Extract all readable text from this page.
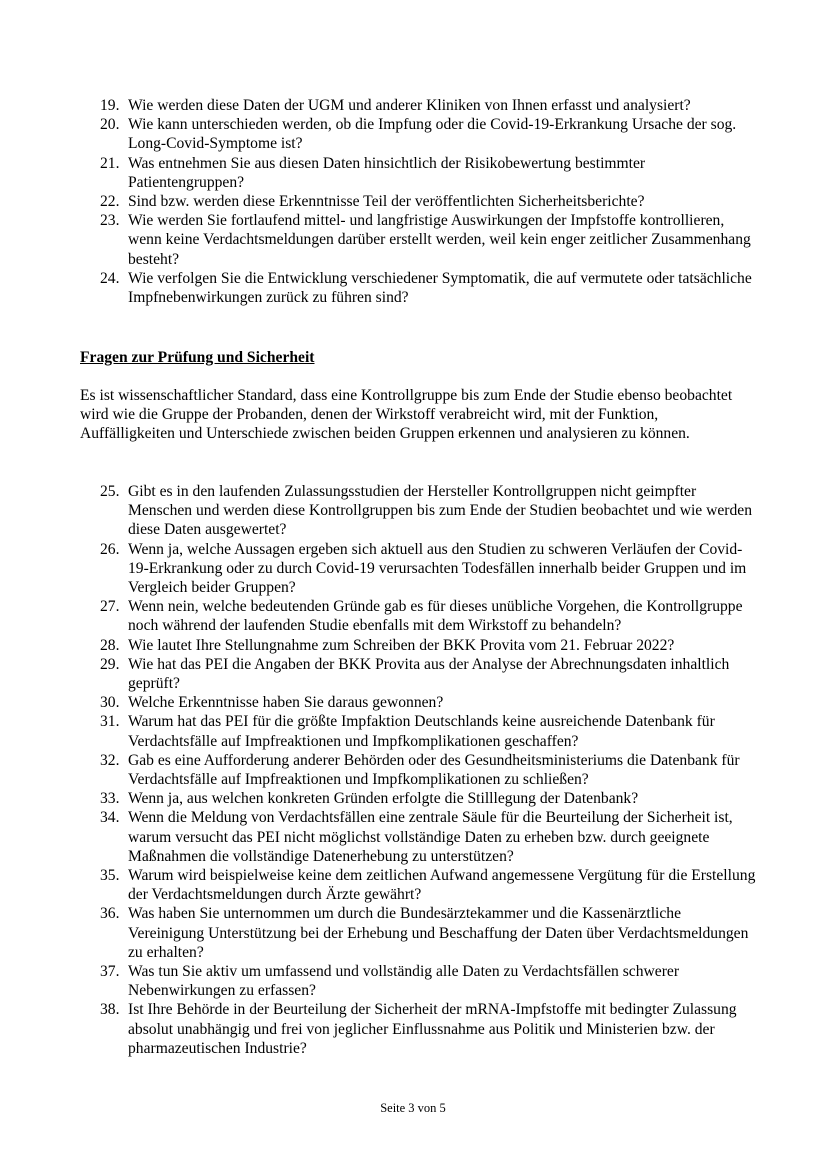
19. Wie werden diese Daten der UGM und anderer Kliniken von Ihnen erfasst und analysiert?
20. Wie kann unterschieden werden, ob die Impfung oder die Covid-19-Erkrankung Ursache der sog. Long-Covid-Symptome ist?
21. Was entnehmen Sie aus diesen Daten hinsichtlich der Risikobewertung bestimmter Patientengruppen?
22. Sind bzw. werden diese Erkenntnisse Teil der veröffentlichten Sicherheitsberichte?
23. Wie werden Sie fortlaufend mittel- und langfristige Auswirkungen der Impfstoffe kontrollieren, wenn keine Verdachtsmeldungen darüber erstellt werden, weil kein enger zeitlicher Zusammenhang besteht?
24. Wie verfolgen Sie die Entwicklung verschiedener Symptomatik, die auf vermutete oder tatsächliche Impfnebenwirkungen zurück zu führen sind?
Fragen zur Prüfung und Sicherheit

Es ist wissenschaftlicher Standard, dass eine Kontrollgruppe bis zum Ende der Studie ebenso beobachtet wird wie die Gruppe der Probanden, denen der Wirkstoff verabreicht wird, mit der Funktion, Auffälligkeiten und Unterschiede zwischen beiden Gruppen erkennen und analysieren zu können.

25. Gibt es in den laufenden Zulassungsstudien der Hersteller Kontrollgruppen nicht geimpfter Menschen und werden diese Kontrollgruppen bis zum Ende der Studien beobachtet und wie werden diese Daten ausgewertet?
26. Wenn ja, welche Aussagen ergeben sich aktuell aus den Studien zu schweren Verläufen der Covid-19-Erkrankung oder zu durch Covid-19 verursachten Todesfällen innerhalb beider Gruppen und im Vergleich beider Gruppen?
27. Wenn nein, welche bedeutenden Gründe gab es für dieses unübliche Vorgehen, die Kontrollgruppe noch während der laufenden Studie ebenfalls mit dem Wirkstoff zu behandeln?
28. Wie lautet Ihre Stellungnahme zum Schreiben der BKK Provita vom 21. Februar 2022?
29. Wie hat das PEI die Angaben der BKK Provita aus der Analyse der Abrechnungsdaten inhaltlich geprüft?
30. Welche Erkenntnisse haben Sie daraus gewonnen?
31. Warum hat das PEI für die größte Impfaktion Deutschlands keine ausreichende Datenbank für Verdachtsfälle auf Impfreaktionen und Impfkomplikationen geschaffen?
32. Gab es eine Aufforderung anderer Behörden oder des Gesundheitsministeriums die Datenbank für Verdachtsfälle auf Impfreaktionen und Impfkomplikationen zu schließen?
33. Wenn ja, aus welchen konkreten Gründen erfolgte die Stilllegung der Datenbank?
34. Wenn die Meldung von Verdachtsfällen eine zentrale Säule für die Beurteilung der Sicherheit ist, warum versucht das PEI nicht möglichst vollständige Daten zu erheben bzw. durch geeignete Maßnahmen die vollständige Datenerhebung zu unterstützen?
35. Warum wird beispielweise keine dem zeitlichen Aufwand angemessene Vergütung für die Erstellung der Verdachtsmeldungen durch Ärzte gewährt?
36. Was haben Sie unternommen um durch die Bundesärztekammer und die Kassenärztliche Vereinigung Unterstützung bei der Erhebung und Beschaffung der Daten über Verdachtsmeldungen zu erhalten?
37. Was tun Sie aktiv um umfassend und vollständig alle Daten zu Verdachtsfällen schwerer Nebenwirkungen zu erfassen?
38. Ist Ihre Behörde in der Beurteilung der Sicherheit der mRNA-Impfstoffe mit bedingter Zulassung absolut unabhängig und frei von jeglicher Einflussnahme aus Politik und Ministerien bzw. der pharmazeutischen Industrie?
Seite 3 von 5
